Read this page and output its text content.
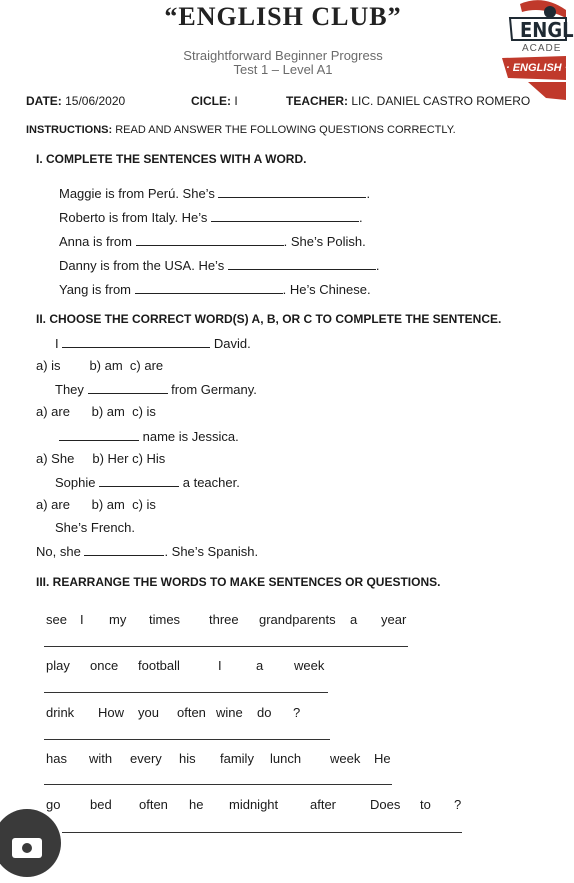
“ENGLISH CLUB”
Straightforward Beginner Progress
Test 1 – Level A1
ENGL
ACADE
· ENGLISH ·
DATE: 15/06/2020	CICLE: I	TEACHER: LIC. DANIEL CASTRO ROMERO
INSTRUCTIONS: READ AND ANSWER THE FOLLOWING QUESTIONS CORRECTLY.
I. COMPLETE THE SENTENCES WITH A WORD.
Maggie is from Perú. She’s	.
Roberto is from Italy. He’s	.
Anna is from	. She’s Polish.
Danny is from the USA. He’s	.
Yang is from	. He’s Chinese.
II. CHOOSE THE CORRECT WORD(S) A, B, OR C TO COMPLETE THE SENTENCE.
I	David.
a) is        b) am  c) are
They	from Germany.
a) are      b) am  c) is
name is Jessica.
a) She     b) Her c) His
Sophie	a teacher.
a) are      b) am  c) is
She’s French.
No, she	. She’s Spanish.
III. REARRANGE THE WORDS TO MAKE SENTENCES OR QUESTIONS.
see I my times three grandparents a year
play once football	I	a week
drink How you often wine do ?
has with every his family lunch week He
go bed often he midnight after	Does to ?
